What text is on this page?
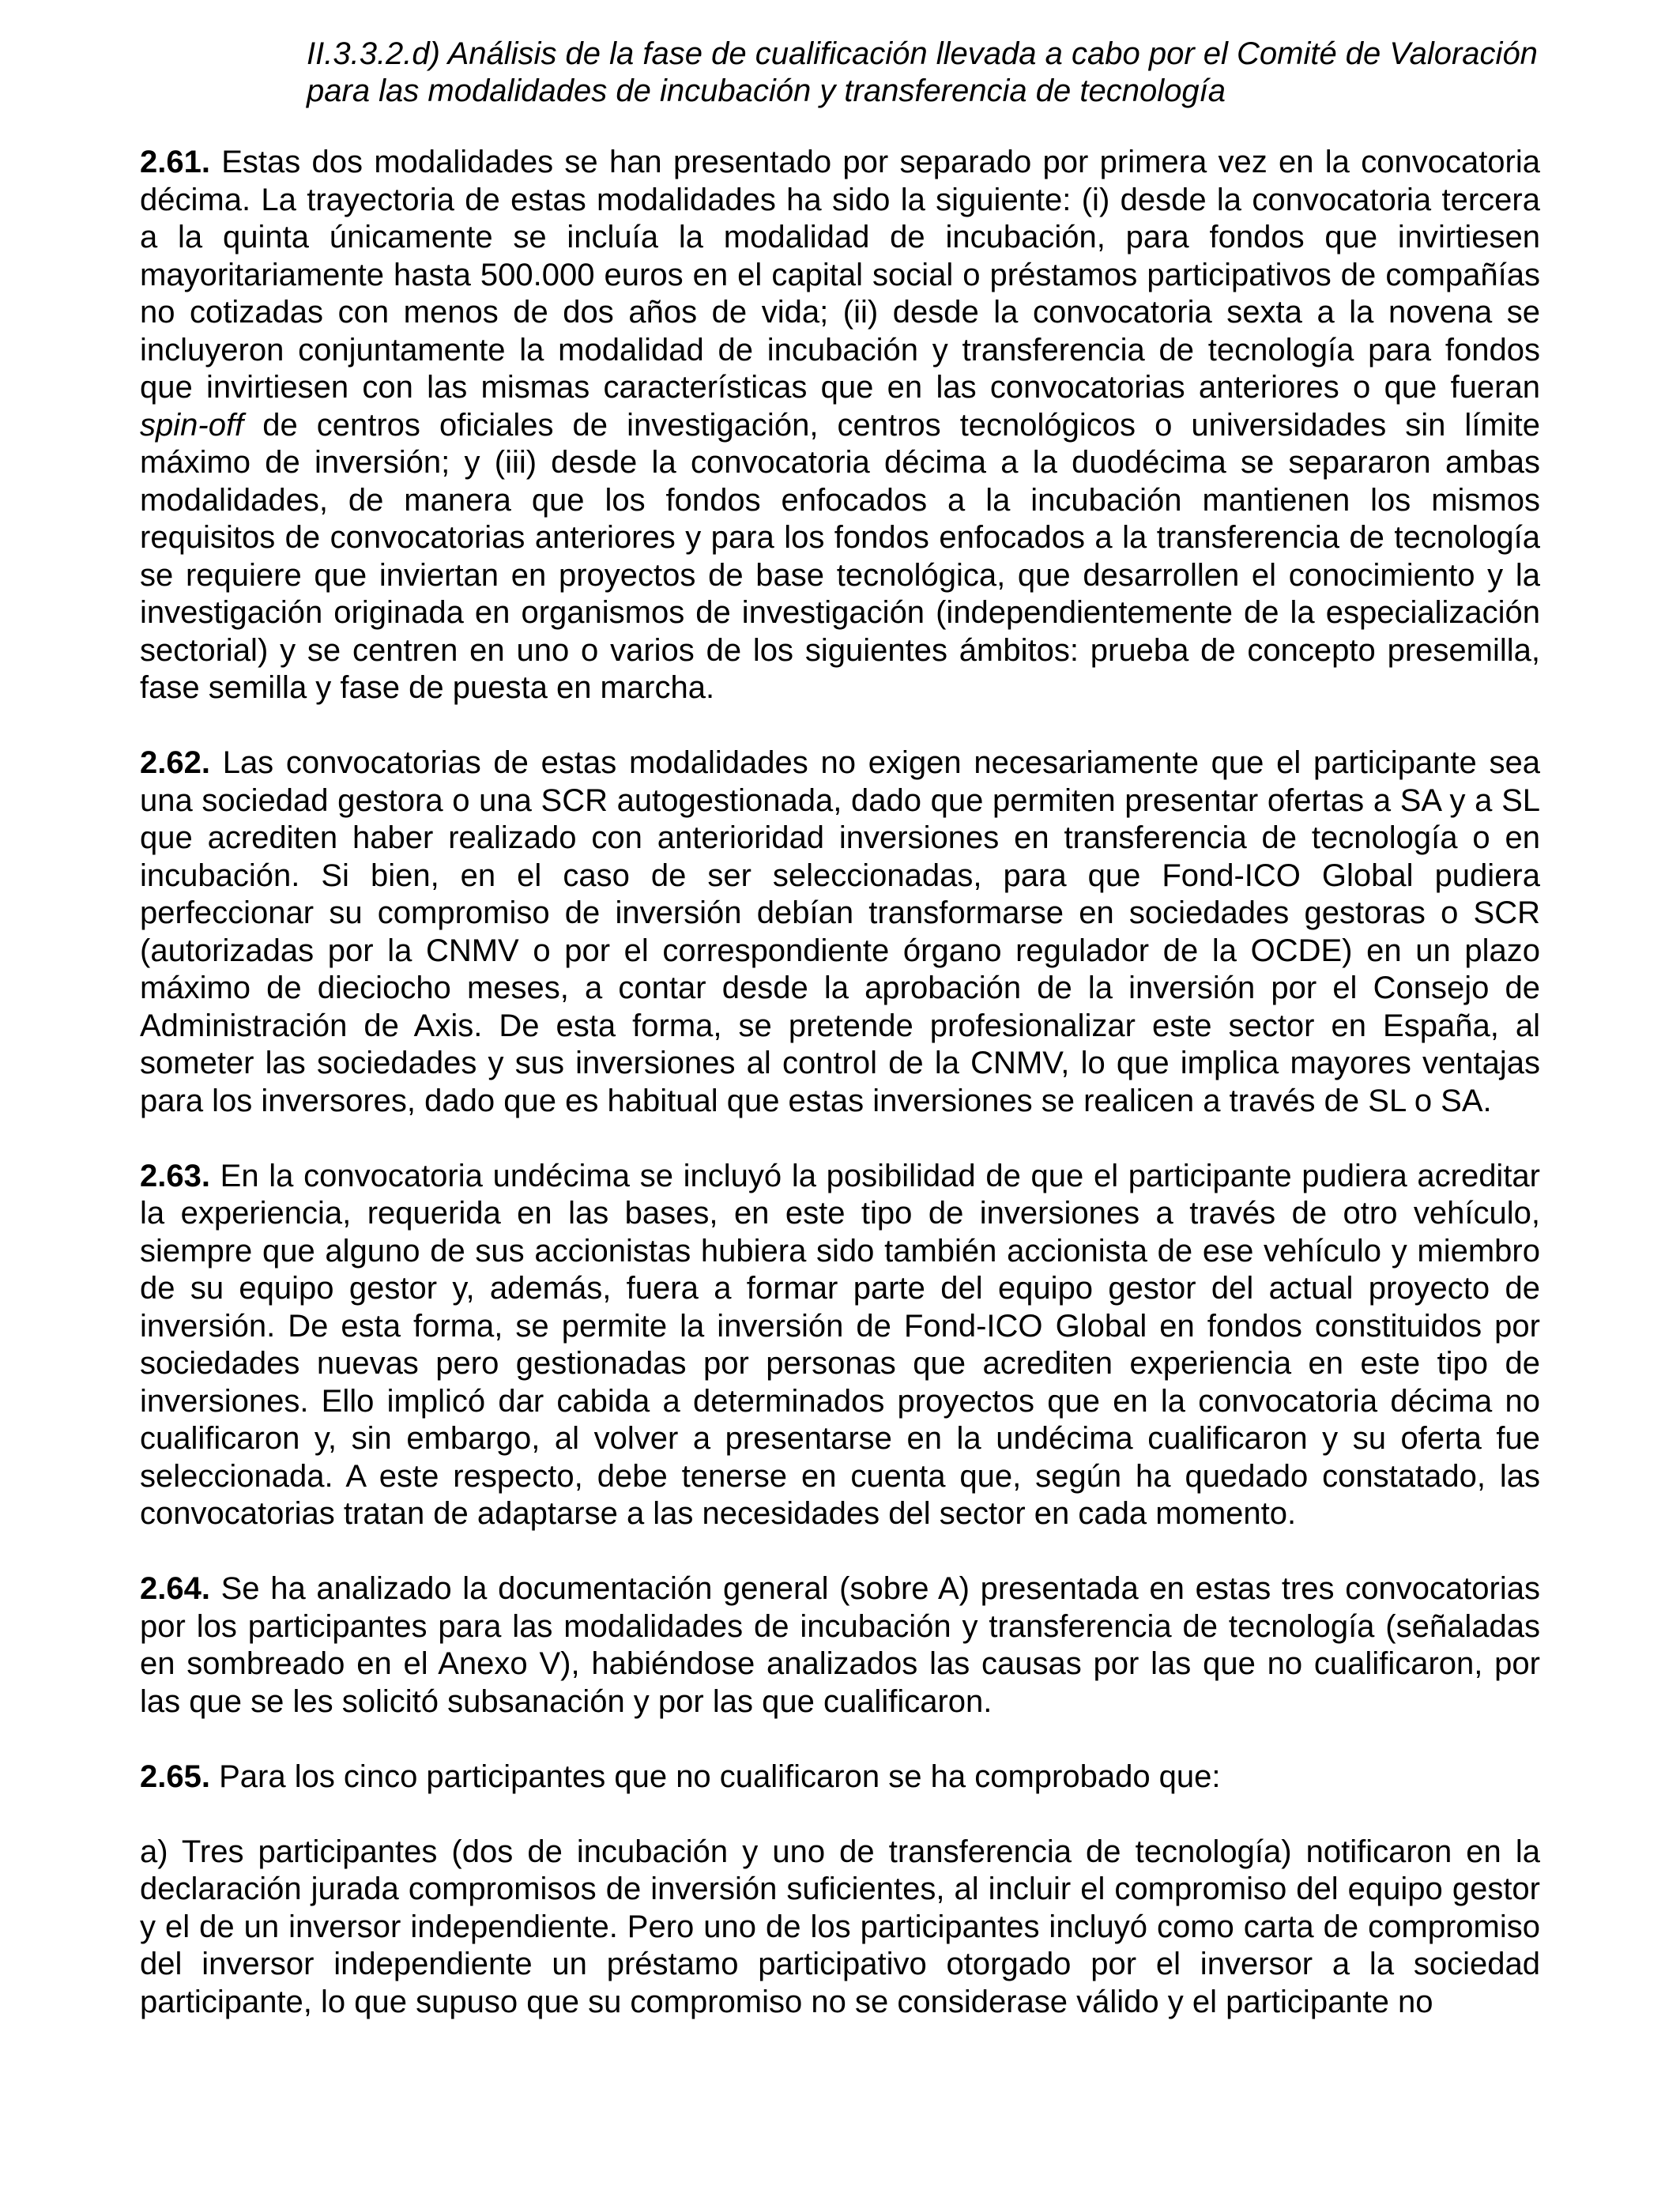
II.3.3.2.d) Análisis de la fase de cualificación llevada a cabo por el Comité de Valoración para las modalidades de incubación y transferencia de tecnología

2.61. Estas dos modalidades se han presentado por separado por primera vez en la convocatoria décima. La trayectoria de estas modalidades ha sido la siguiente: (i) desde la convocatoria tercera a la quinta únicamente se incluía la modalidad de incubación, para fondos que invirtiesen mayoritariamente hasta 500.000 euros en el capital social o préstamos participativos de compañías no cotizadas con menos de dos años de vida; (ii) desde la convocatoria sexta a la novena se incluyeron conjuntamente la modalidad de incubación y transferencia de tecnología para fondos que invirtiesen con las mismas características que en las convocatorias anteriores o que fueran spin-off de centros oficiales de investigación, centros tecnológicos o universidades sin límite máximo de inversión; y (iii) desde la convocatoria décima a la duodécima se separaron ambas modalidades, de manera que los fondos enfocados a la incubación mantienen los mismos requisitos de convocatorias anteriores y para los fondos enfocados a la transferencia de tecnología se requiere que inviertan en proyectos de base tecnológica, que desarrollen el conocimiento y la investigación originada en organismos de investigación (independientemente de la especialización sectorial) y se centren en uno o varios de los siguientes ámbitos: prueba de concepto presemilla, fase semilla y fase de puesta en marcha.

2.62. Las convocatorias de estas modalidades no exigen necesariamente que el participante sea una sociedad gestora o una SCR autogestionada, dado que permiten presentar ofertas a SA y a SL que acrediten haber realizado con anterioridad inversiones en transferencia de tecnología o en incubación. Si bien, en el caso de ser seleccionadas, para que Fond-ICO Global pudiera perfeccionar su compromiso de inversión debían transformarse en sociedades gestoras o SCR (autorizadas por la CNMV o por el correspondiente órgano regulador de la OCDE) en un plazo máximo de dieciocho meses, a contar desde la aprobación de la inversión por el Consejo de Administración de Axis. De esta forma, se pretende profesionalizar este sector en España, al someter las sociedades y sus inversiones al control de la CNMV, lo que implica mayores ventajas para los inversores, dado que es habitual que estas inversiones se realicen a través de SL o SA.

2.63. En la convocatoria undécima se incluyó la posibilidad de que el participante pudiera acreditar la experiencia, requerida en las bases, en este tipo de inversiones a través de otro vehículo, siempre que alguno de sus accionistas hubiera sido también accionista de ese vehículo y miembro de su equipo gestor y, además, fuera a formar parte del equipo gestor del actual proyecto de inversión. De esta forma, se permite la inversión de Fond-ICO Global en fondos constituidos por sociedades nuevas pero gestionadas por personas que acrediten experiencia en este tipo de inversiones. Ello implicó dar cabida a determinados proyectos que en la convocatoria décima no cualificaron y, sin embargo, al volver a presentarse en la undécima cualificaron y su oferta fue seleccionada. A este respecto, debe tenerse en cuenta que, según ha quedado constatado, las convocatorias tratan de adaptarse a las necesidades del sector en cada momento.

2.64. Se ha analizado la documentación general (sobre A) presentada en estas tres convocatorias por los participantes para las modalidades de incubación y transferencia de tecnología (señaladas en sombreado en el Anexo V), habiéndose analizados las causas por las que no cualificaron, por las que se les solicitó subsanación y por las que cualificaron.

2.65. Para los cinco participantes que no cualificaron se ha comprobado que:

a) Tres participantes (dos de incubación y uno de transferencia de tecnología) notificaron en la declaración jurada compromisos de inversión suficientes, al incluir el compromiso del equipo gestor y el de un inversor independiente. Pero uno de los participantes incluyó como carta de compromiso del inversor independiente un préstamo participativo otorgado por el inversor a la sociedad participante, lo que supuso que su compromiso no se considerase válido y el participante no
